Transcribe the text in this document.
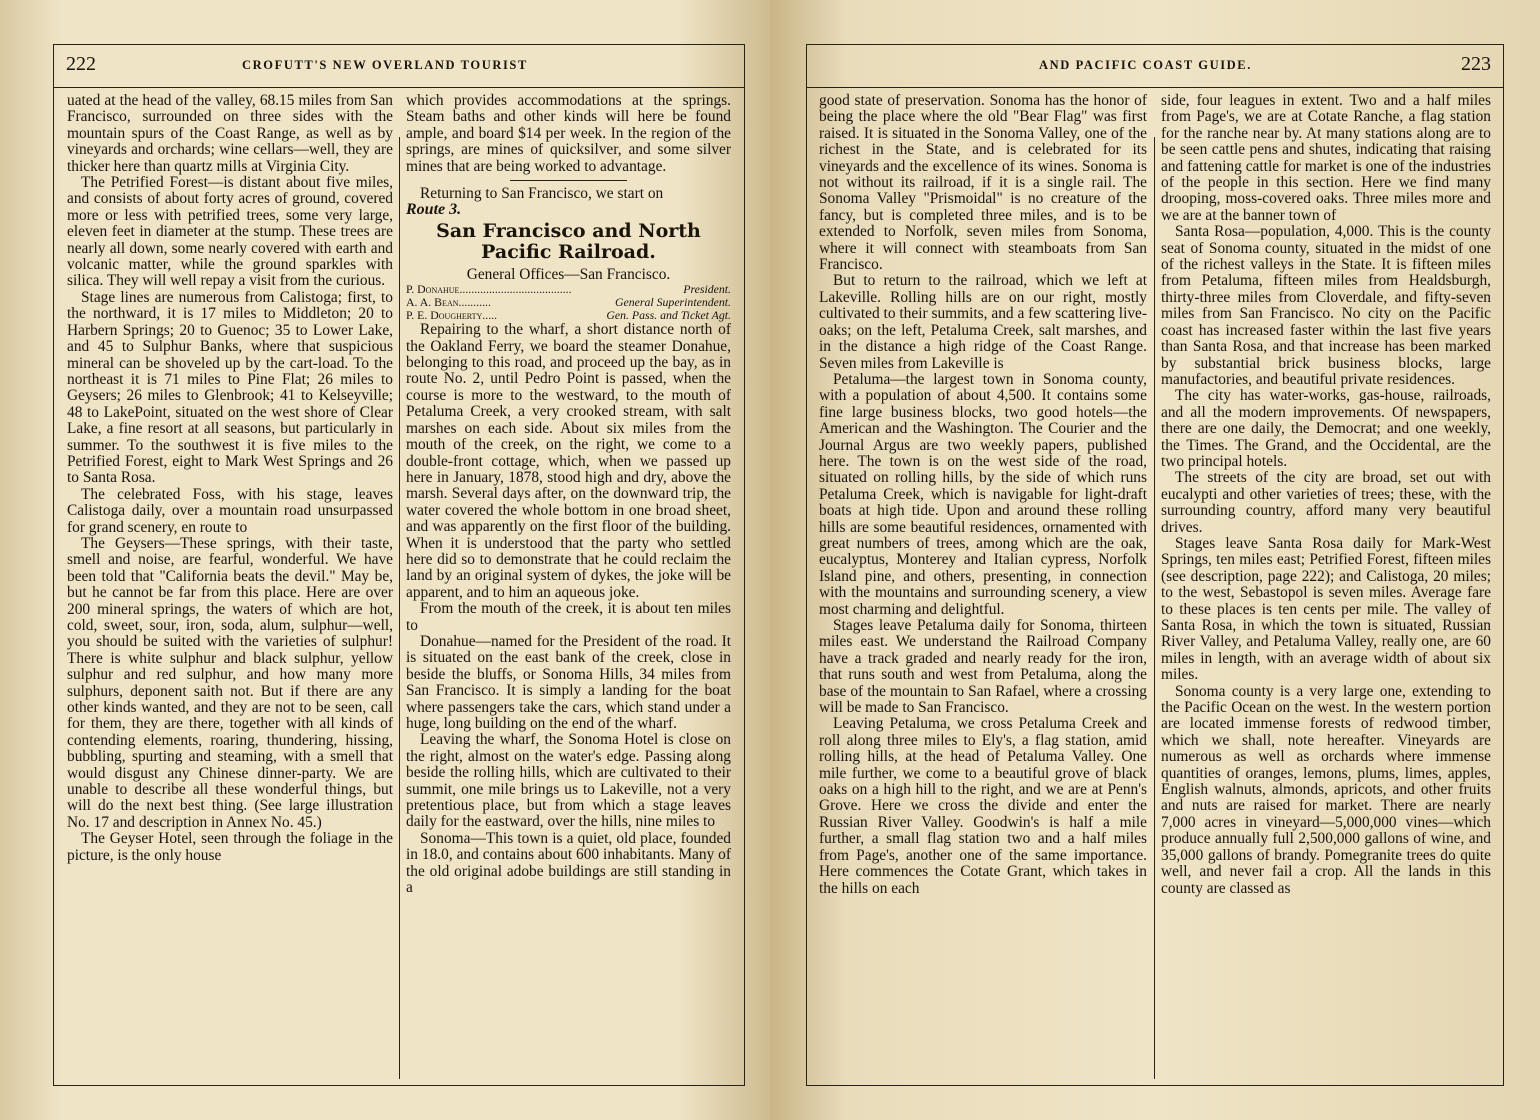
222	CROFUTT'S NEW OVERLAND TOURIST

uated at the head of the valley, 68.15 miles from San Francisco, surrounded on three sides with the mountain spurs of the Coast Range, as well as by vineyards and orchards; wine cellars—well, they are thicker here than quartz mills at Virginia City.

The Petrified Forest—is distant about five miles, and consists of about forty acres of ground, covered more or less with petrified trees, some very large, eleven feet in diameter at the stump. These trees are nearly all down, some nearly covered with earth and volcanic matter, while the ground sparkles with silica. They will well repay a visit from the curious.

Stage lines are numerous from Calistoga; first, to the northward, it is 17 miles to Middleton; 20 to Harbern Springs; 20 to Guenoc; 35 to Lower Lake, and 45 to Sulphur Banks, where that suspicious mineral can be shoveled up by the cart-load. To the northeast it is 71 miles to Pine Flat; 26 miles to Geysers; 26 miles to Glenbrook; 41 to Kelseyville; 48 to LakePoint, situated on the west shore of Clear Lake, a fine resort at all seasons, but particularly in summer. To the southwest it is five miles to the Petrified Forest, eight to Mark West Springs and 26 to Santa Rosa.

The celebrated Foss, with his stage, leaves Calistoga daily, over a mountain road unsurpassed for grand scenery, en route to

The Geysers—These springs, with their taste, smell and noise, are fearful, wonderful. We have been told that "California beats the devil." May be, but he cannot be far from this place. Here are over 200 mineral springs, the waters of which are hot, cold, sweet, sour, iron, soda, alum, sulphur—well, you should be suited with the varieties of sulphur! There is white sulphur and black sulphur, yellow sulphur and red sulphur, and how many more sulphurs, deponent saith not. But if there are any other kinds wanted, and they are not to be seen, call for them, they are there, together with all kinds of contending elements, roaring, thundering, hissing, bubbling, spurting and steaming, with a smell that would disgust any Chinese dinner-party. We are unable to describe all these wonderful things, but will do the next best thing. (See large illustration No. 17 and description in Annex No. 45.)

The Geyser Hotel, seen through the foliage in the picture, is the only house

which provides accommodations at the springs. Steam baths and other kinds will here be found ample, and board $14 per week. In the region of the springs, are mines of quicksilver, and some silver mines that are being worked to advantage.

Returning to San Francisco, we start on

Route 3.

San Francisco and North Pacific Railroad.

General Offices—San Francisco.

P. Donahue ......................................	President.
A. A. Bean ...........	General Superintendent.
P. E. Dougherty .....	Gen. Pass. and Ticket Agt.

Repairing to the wharf, a short distance north of the Oakland Ferry, we board the steamer Donahue, belonging to this road, and proceed up the bay, as in route No. 2, until Pedro Point is passed, when the course is more to the westward, to the mouth of Petaluma Creek, a very crooked stream, with salt marshes on each side. About six miles from the mouth of the creek, on the right, we come to a double-front cottage, which, when we passed up here in January, 1878, stood high and dry, above the marsh. Several days after, on the downward trip, the water covered the whole bottom in one broad sheet, and was apparently on the first floor of the building. When it is understood that the party who settled here did so to demonstrate that he could reclaim the land by an original system of dykes, the joke will be apparent, and to him an aqueous joke.

From the mouth of the creek, it is about ten miles to

Donahue—named for the President of the road. It is situated on the east bank of the creek, close in beside the bluffs, or Sonoma Hills, 34 miles from San Francisco. It is simply a landing for the boat where passengers take the cars, which stand under a huge, long building on the end of the wharf.

Leaving the wharf, the Sonoma Hotel is close on the right, almost on the water's edge. Passing along beside the rolling hills, which are cultivated to their summit, one mile brings us to Lakeville, not a very pretentious place, but from which a stage leaves daily for the eastward, over the hills, nine miles to

Sonoma—This town is a quiet, old place, founded in 18.0, and contains about 600 inhabitants. Many of the old original adobe buildings are still standing in a

AND PACIFIC COAST GUIDE.	223

good state of preservation. Sonoma has the honor of being the place where the old "Bear Flag" was first raised. It is situated in the Sonoma Valley, one of the richest in the State, and is celebrated for its vineyards and the excellence of its wines. Sonoma is not without its railroad, if it is a single rail. The Sonoma Valley "Prismoidal" is no creature of the fancy, but is completed three miles, and is to be extended to Norfolk, seven miles from Sonoma, where it will connect with steamboats from San Francisco.

But to return to the railroad, which we left at Lakeville. Rolling hills are on our right, mostly cultivated to their summits, and a few scattering live-oaks; on the left, Petaluma Creek, salt marshes, and in the distance a high ridge of the Coast Range. Seven miles from Lakeville is

Petaluma—the largest town in Sonoma county, with a population of about 4,500. It contains some fine large business blocks, two good hotels—the American and the Washington. The Courier and the Journal Argus are two weekly papers, published here. The town is on the west side of the road, situated on rolling hills, by the side of which runs Petaluma Creek, which is navigable for light-draft boats at high tide. Upon and around these rolling hills are some beautiful residences, ornamented with great numbers of trees, among which are the oak, eucalyptus, Monterey and Italian cypress, Norfolk Island pine, and others, presenting, in connection with the mountains and surrounding scenery, a view most charming and delightful.

Stages leave Petaluma daily for Sonoma, thirteen miles east. We understand the Railroad Company have a track graded and nearly ready for the iron, that runs south and west from Petaluma, along the base of the mountain to San Rafael, where a crossing will be made to San Francisco.

Leaving Petaluma, we cross Petaluma Creek and roll along three miles to Ely's, a flag station, amid rolling hills, at the head of Petaluma Valley. One mile further, we come to a beautiful grove of black oaks on a high hill to the right, and we are at Penn's Grove. Here we cross the divide and enter the Russian River Valley. Goodwin's is half a mile further, a small flag station two and a half miles from Page's, another one of the same importance. Here commences the Cotate Grant, which takes in the hills on each

side, four leagues in extent. Two and a half miles from Page's, we are at Cotate Ranche, a flag station for the ranche near by. At many stations along are to be seen cattle pens and shutes, indicating that raising and fattening cattle for market is one of the industries of the people in this section. Here we find many drooping, moss-covered oaks. Three miles more and we are at the banner town of

Santa Rosa—population, 4,000. This is the county seat of Sonoma county, situated in the midst of one of the richest valleys in the State. It is fifteen miles from Petaluma, fifteen miles from Healdsburgh, thirty-three miles from Cloverdale, and fifty-seven miles from San Francisco. No city on the Pacific coast has increased faster within the last five years than Santa Rosa, and that increase has been marked by substantial brick business blocks, large manufactories, and beautiful private residences.

The city has water-works, gas-house, railroads, and all the modern improvements. Of newspapers, there are one daily, the Democrat; and one weekly, the Times. The Grand, and the Occidental, are the two principal hotels.

The streets of the city are broad, set out with eucalypti and other varieties of trees; these, with the surrounding country, afford many very beautiful drives.

Stages leave Santa Rosa daily for Mark-West Springs, ten miles east; Petrified Forest, fifteen miles (see description, page 222); and Calistoga, 20 miles; to the west, Sebastopol is seven miles. Average fare to these places is ten cents per mile. The valley of Santa Rosa, in which the town is situated, Russian River Valley, and Petaluma Valley, really one, are 60 miles in length, with an average width of about six miles.

Sonoma county is a very large one, extending to the Pacific Ocean on the west. In the western portion are located immense forests of redwood timber, which we shall, note hereafter. Vineyards are numerous as well as orchards where immense quantities of oranges, lemons, plums, limes, apples, English walnuts, almonds, apricots, and other fruits and nuts are raised for market. There are nearly 7,000 acres in vineyard—5,000,000 vines—which produce annually full 2,500,000 gallons of wine, and 35,000 gallons of brandy. Pomegranite trees do quite well, and never fail a crop. All the lands in this county are classed as
